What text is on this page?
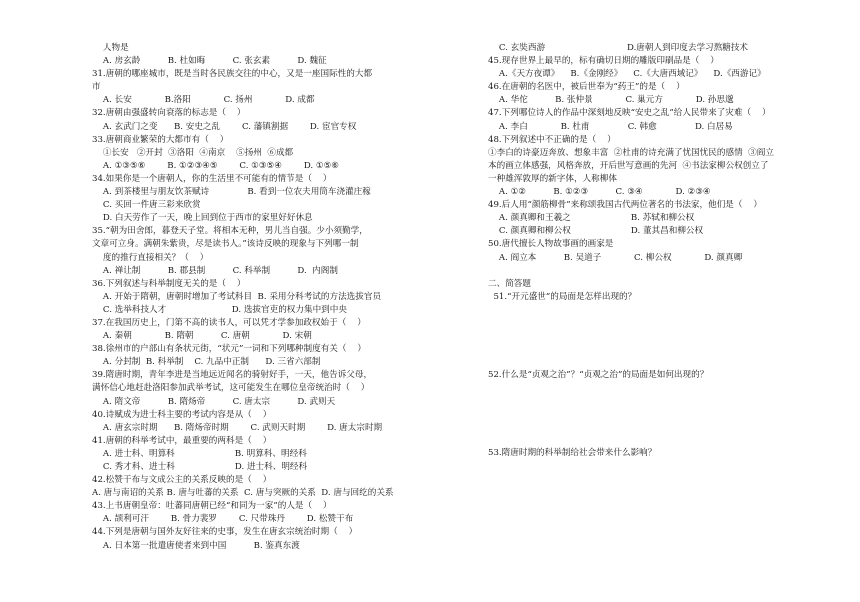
人物是
A. 房玄龄          B. 杜如晦          C. 张玄素          D. 魏征
31.唐朝的哪座城市，既是当时各民族交往的中心，又是一座国际性的大都
市
A. 长安            B.洛阳            C. 扬州            D. 成都
32.唐朝由强盛转向衰落的标志是（    ）
A. 玄武门之变      B. 安史之乱        C. 藩镇割据        D. 宦官专权
33.唐朝商业繁荣的大都市有（    ）
①长安   ②开封  ③洛阳  ④南京    ⑤扬州  ⑥成都
A. ①③⑤⑥        B. ①②③④⑤        C. ①③⑤④        D. ①⑤⑥
34.如果你是一个唐朝人，你的生活里不可能有的情节是（    ）
A. 到茶楼里与朋友饮茶赋诗              B. 看到一位农夫用筒车浇灌庄稼
C. 买回一件唐三彩来欣赏
D. 白天劳作了一天，晚上回到位于西市的家里好好休息
35.“朝为田舍郎，暮登天子堂。将相本无种，男儿当自强。少小须勤学，
文章可立身。满朝朱紫贵，尽是读书人。”该诗反映的现象与下列哪一制
度的推行直接相关？（    ）
A. 禅让制          B. 郡县制          C. 科举制          D.  内阁制
36.下列叙述与科举制度无关的是（    ）
A. 开始于隋朝，唐朝时增加了考试科目  B. 采用分科考试的方法选拔官员
C. 选举科技人才                        D. 选拔官吏的权力集中到中央
37.在我国历史上，门第不高的读书人，可以凭才学参加政权始于（    ）
A. 秦朝            B. 隋朝          C. 唐朝            D. 宋朝
38.徐州市的户部山有条状元街，“状元”一词和下列哪种制度有关（    ）
A. 分封制  B. 科举制    C. 九品中正制      D. 三省六部制
39.隋唐时期，青年李进是当地远近闻名的骑射好手，一天，他告诉父母，
满怀信心地赶赴洛阳参加武举考试，这可能发生在哪位皇帝统治时（    ）
A. 隋文帝          B. 隋炀帝          C. 唐太宗          D. 武则天
40.诗赋成为进士科主要的考试内容是从（    ）
A. 唐玄宗时期      B. 隋炀帝时期        C. 武则天时期        D. 唐太宗时期
41.唐朝的科举考试中，最重要的两科是（    ）
A. 进士科、明算科                      B. 明算科、明经科
C. 秀才科、进士科                      D. 进士科、明经科
42.松赞干布与文成公主的关系反映的是（    ）
A. 唐与南诏的关系 B. 唐与吐蕃的关系  C. 唐与突厥的关系  D. 唐与回纥的关系
43.上书唐朝皇帝：吐蕃同唐朝已经“和同为一家”的人是（    ）
A. 颉利可汗        B. 骨力裴罗        C. 尺带珠丹        D. 松赞干布
44.下列是唐朝与国外友好往来的史事，发生在唐玄宗统治时期（    ）
A. 日本第一批遣唐使者来到中国          B. 鉴真东渡
C. 玄奘西游                              D.唐朝人到印度去学习熬糖技术
45.现存世界上最早的，标有确切日期的雕版印刷品是（    ）
A.《天方夜谭》    B.《金刚经》    C.《大唐西域记》    D.《西游记》
46.在唐朝的名医中，被后世奉为“药王”的是（    ）
A. 华佗          B. 张仲景            C. 巢元方            D. 孙思邈
47.下列哪位诗人的作品中深刻地反映“安史之乱”给人民带来了灾难（    ）
A. 李白            B. 杜甫              C. 韩愈              D. 白居易
48.下列叙述中不正确的是（    ）
①李白的诗豪迈奔放、想象丰富  ②杜甫的诗充满了忧国忧民的感情  ③阎立
本的画立体感强，风格奔放，开后世写意画的先河  ④书法家柳公权创立了
一种雄浑敦厚的新字体，人称柳体
A. ①②          B. ①②③          C. ③④            D. ②③④
49.后人用“颜筋柳骨”来称颂我国古代两位著名的书法家，他们是（    ）
A. 颜真卿和王羲之                      B. 苏轼和柳公权
C. 颜真卿和柳公权                      D. 董其昌和柳公权
50.唐代擅长人物故事画的画家是
A. 阎立本          B. 吴道子            C. 柳公权            D. 颜真卿
二、简答题
51.“开元盛世”的局面是怎样出现的？
52.什么是“贞观之治”？“贞观之治”的局面是如何出现的？
53.隋唐时期的科举制给社会带来什么影响？
